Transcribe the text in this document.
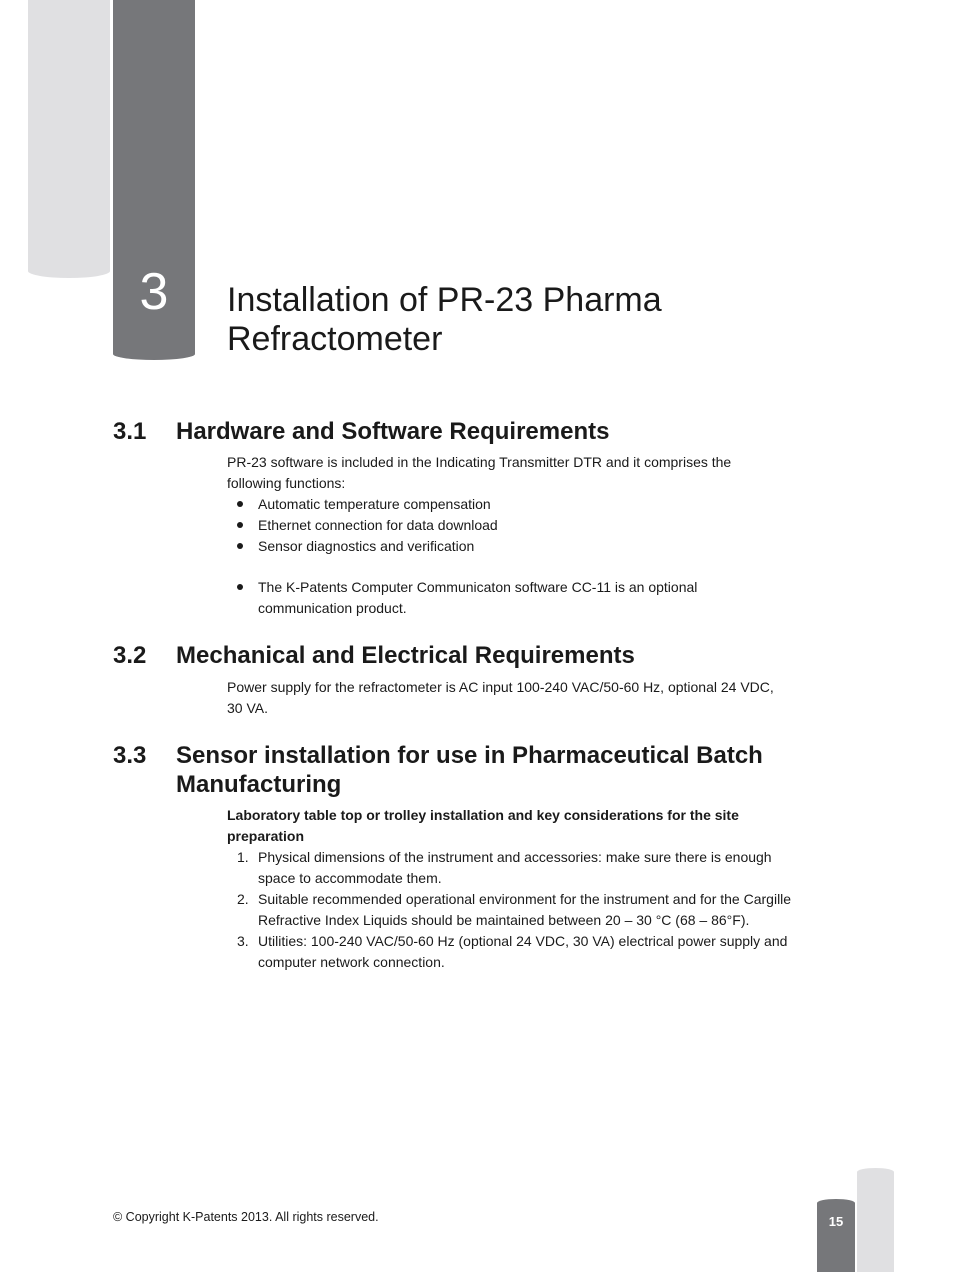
3	Installation of PR-23 Pharma
Refractometer
3.1 Hardware and Software Requirements

PR-23 software is included in the Indicating Transmitter DTR and it comprises the
following functions:

Automatic temperature compensation
Ethernet connection for data download
Sensor diagnostics and verification
The K-Patents Computer Communicaton software CC-11 is an optional
communication product.
3.2 Mechanical and Electrical Requirements

Power supply for the refractometer is AC input 100-240 VAC/50-60 Hz, optional 24 VDC,
30 VA.

3.3 Sensor installation for use in Pharmaceutical Batch
Manufacturing

Laboratory table top or trolley installation and key considerations for the site
preparation

1. Physical dimensions of the instrument and accessories: make sure there is enough
space to accommodate them.
2. Suitable recommended operational environment for the instrument and for the Cargille
Refractive Index Liquids should be maintained between 20 – 30 °C (68 – 86°F).
3. Utilities: 100-240 VAC/50-60 Hz (optional 24 VDC, 30 VA) electrical power supply and
computer network connection.
© Copyright K-Patents 2013. All rights reserved.	15
